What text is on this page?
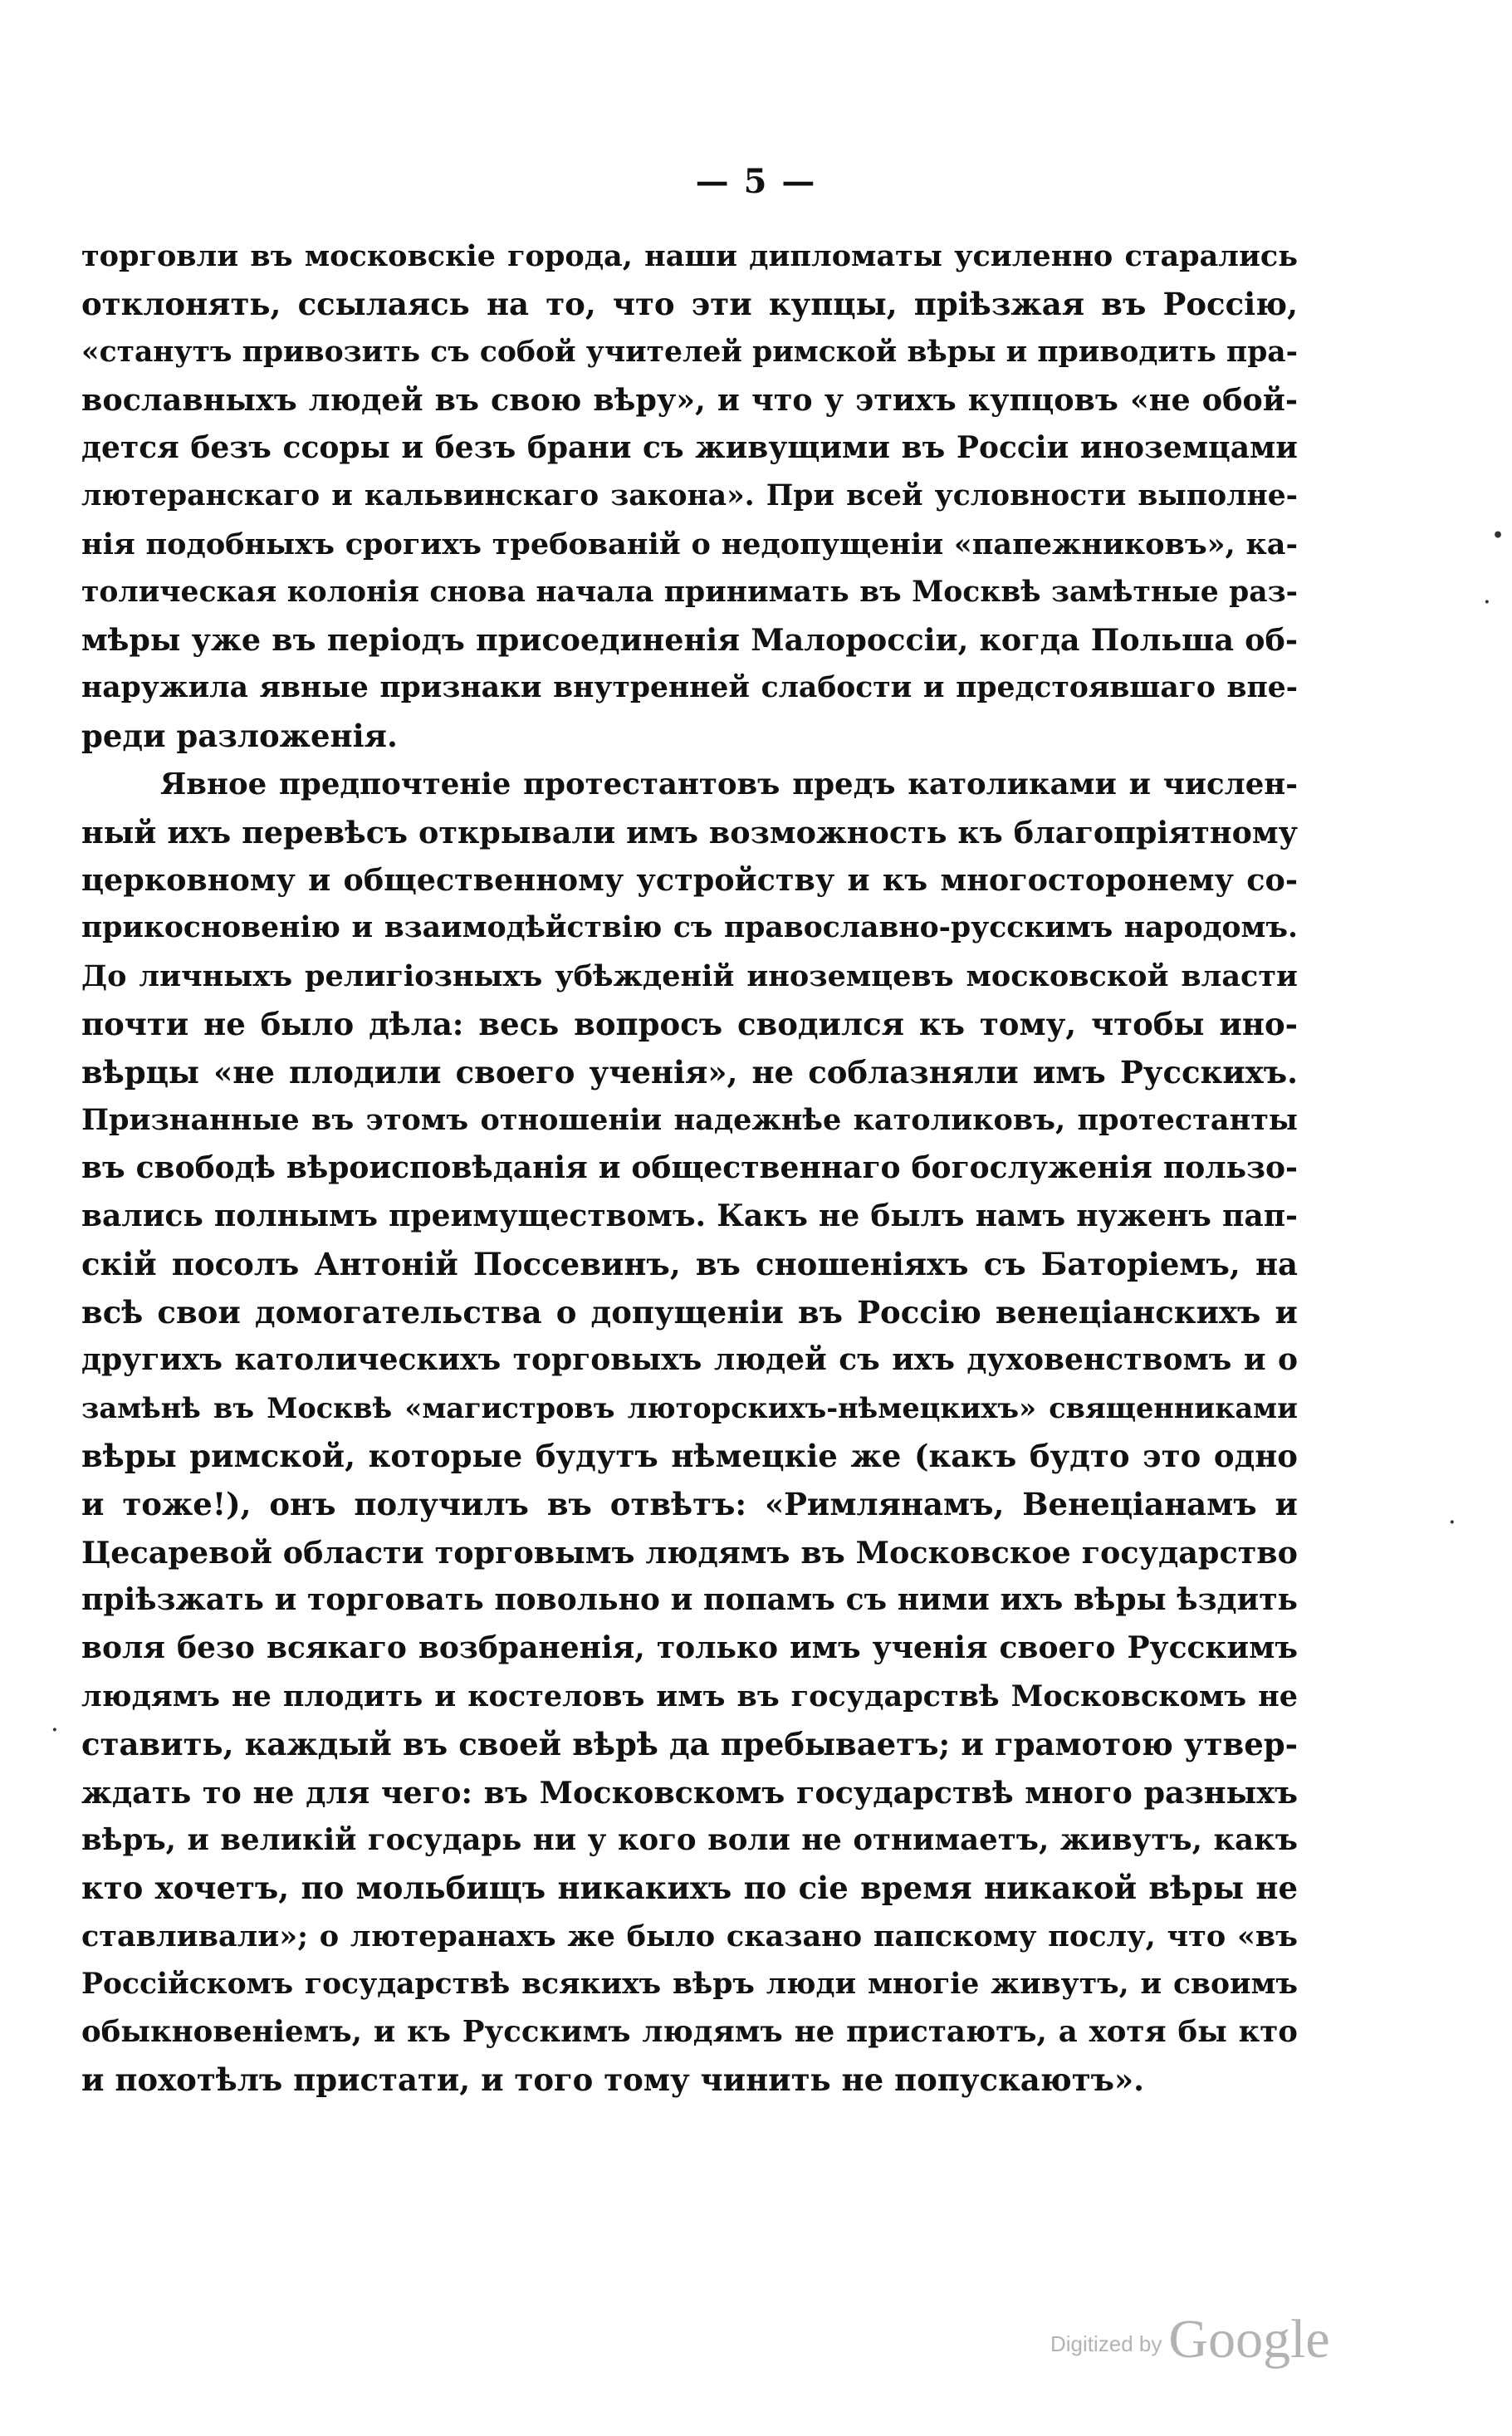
— 5 —
торговли въ московскіе города, наши дипломаты усиленно старались
отклонять, ссылаясь на то, что эти купцы, пріѣзжая въ Россію,
«станутъ привозить съ собой учителей римской вѣры и приводить пра-
вославныхъ людей въ свою вѣру», и что у этихъ купцовъ «не обой-
дется безъ ссоры и безъ брани съ живущими въ Россіи иноземцами
лютеранскаго и кальвинскаго закона». При всей условности выполне-
нія подобныхъ срогихъ требованій о недопущеніи «папежниковъ», ка-
толическая колонія снова начала принимать въ Москвѣ замѣтные раз-
мѣры уже въ періодъ присоединенія Малороссіи, когда Польша об-
наружила явные признаки внутренней слабости и предстоявшаго впе-
реди разложенія.
Явное предпочтеніе протестантовъ предъ католиками и числен-
ный ихъ перевѣсъ открывали имъ возможность къ благопріятному
церковному и общественному устройству и къ многосторонему со-
прикосновенію и взаимодѣйствію съ православно-русскимъ народомъ.
До личныхъ религіозныхъ убѣжденій иноземцевъ московской власти
почти не было дѣла: весь вопросъ сводился къ тому, чтобы ино-
вѣрцы «не плодили своего ученія», не соблазняли имъ Русскихъ.
Признанные въ этомъ отношеніи надежнѣе католиковъ, протестанты
въ свободѣ вѣроисповѣданія и общественнаго богослуженія пользо-
вались полнымъ преимуществомъ. Какъ не былъ намъ нуженъ пап-
скій посолъ Антоній Поссевинъ, въ сношеніяхъ съ Баторіемъ, на
всѣ свои домогательства о допущеніи въ Россію венеціанскихъ и
другихъ католическихъ торговыхъ людей съ ихъ духовенствомъ и о
замѣнѣ въ Москвѣ «магистровъ люторскихъ-нѣмецкихъ» священниками
вѣры римской, которые будутъ нѣмецкіе же (какъ будто это одно
и тоже!), онъ получилъ въ отвѣтъ: «Римлянамъ, Венеціанамъ и
Цесаревой области торговымъ людямъ въ Московское государство
пріѣзжать и торговать повольно и попамъ съ ними ихъ вѣры ѣздить
воля безо всякаго возбраненія, только имъ ученія своего Русскимъ
людямъ не плодить и костеловъ имъ въ государствѣ Московскомъ не
ставить, каждый въ своей вѣрѣ да пребываетъ; и грамотою утвер-
ждать то не для чего: въ Московскомъ государствѣ много разныхъ
вѣръ, и великій государь ни у кого воли не отнимаетъ, живутъ, какъ
кто хочетъ, по мольбищъ никакихъ по сіе время никакой вѣры не
ставливали»; о лютеранахъ же было сказано папскому послу, что «въ
Россійскомъ государствѣ всякихъ вѣръ люди многіе живутъ, и своимъ
обыкновеніемъ, и къ Русскимъ людямъ не пристаютъ, а хотя бы кто
и похотѣлъ пристати, и того тому чинить не попускаютъ».
•
·
·
·
Digitized by Google
